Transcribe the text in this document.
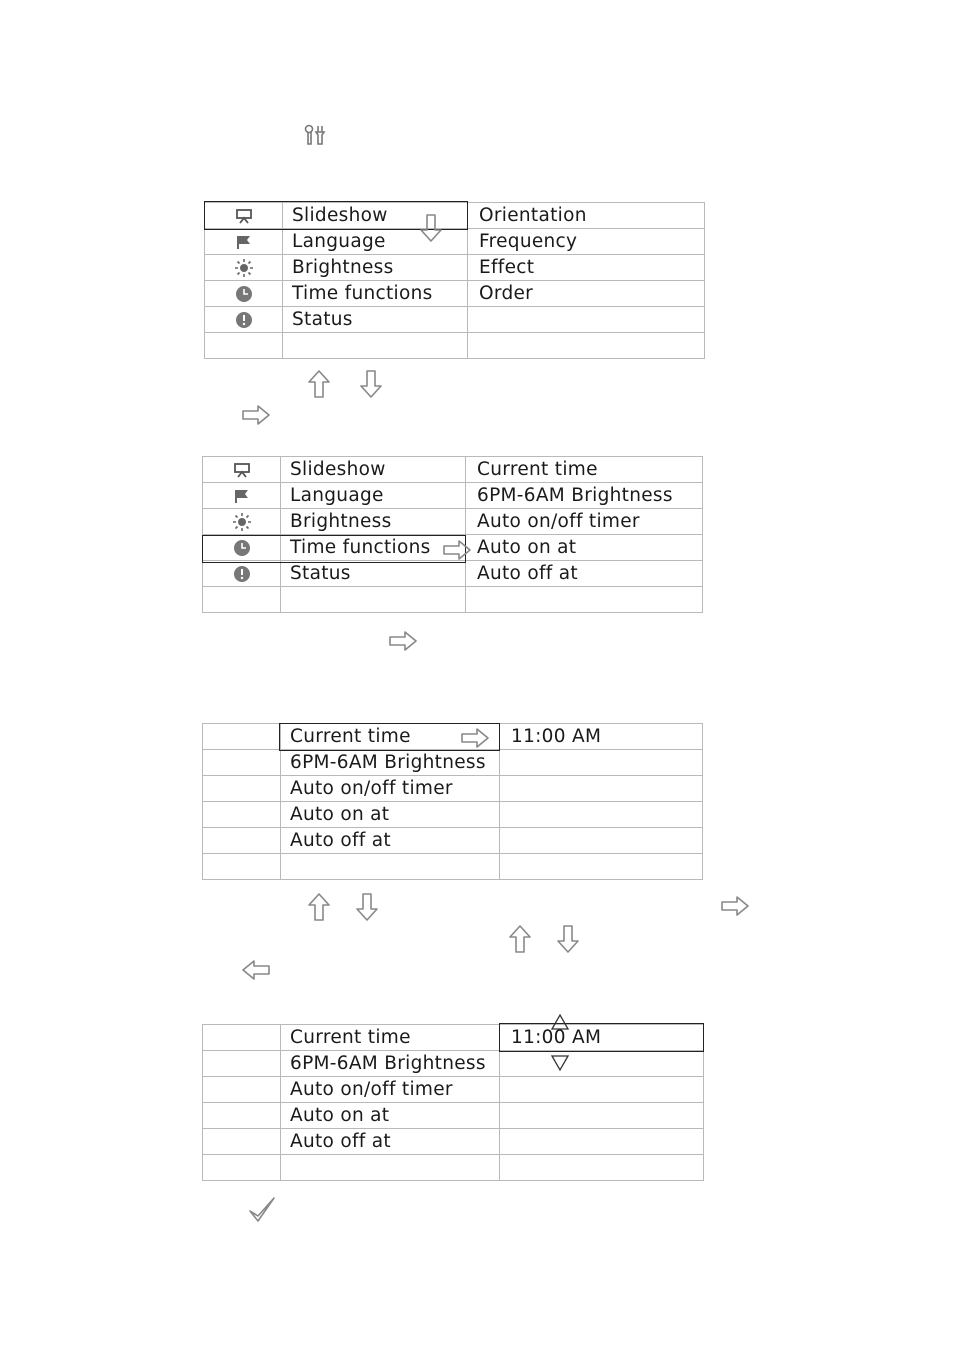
	Slideshow	Orientation
	Language	Frequency
	Brightness	Effect
	Time functions	Order
	Status	

	Slideshow	Current time
	Language	6PM-6AM Brightness
	Brightness	Auto on/off timer
	Time functions	Auto on at
	Status	Auto off at

	Current time	11:00 AM
	6PM-6AM Brightness	
	Auto on/off timer	
	Auto on at	
	Auto off at	

	Current time	11:00 AM
	6PM-6AM Brightness	
	Auto on/off timer	
	Auto on at	
	Auto off at	
